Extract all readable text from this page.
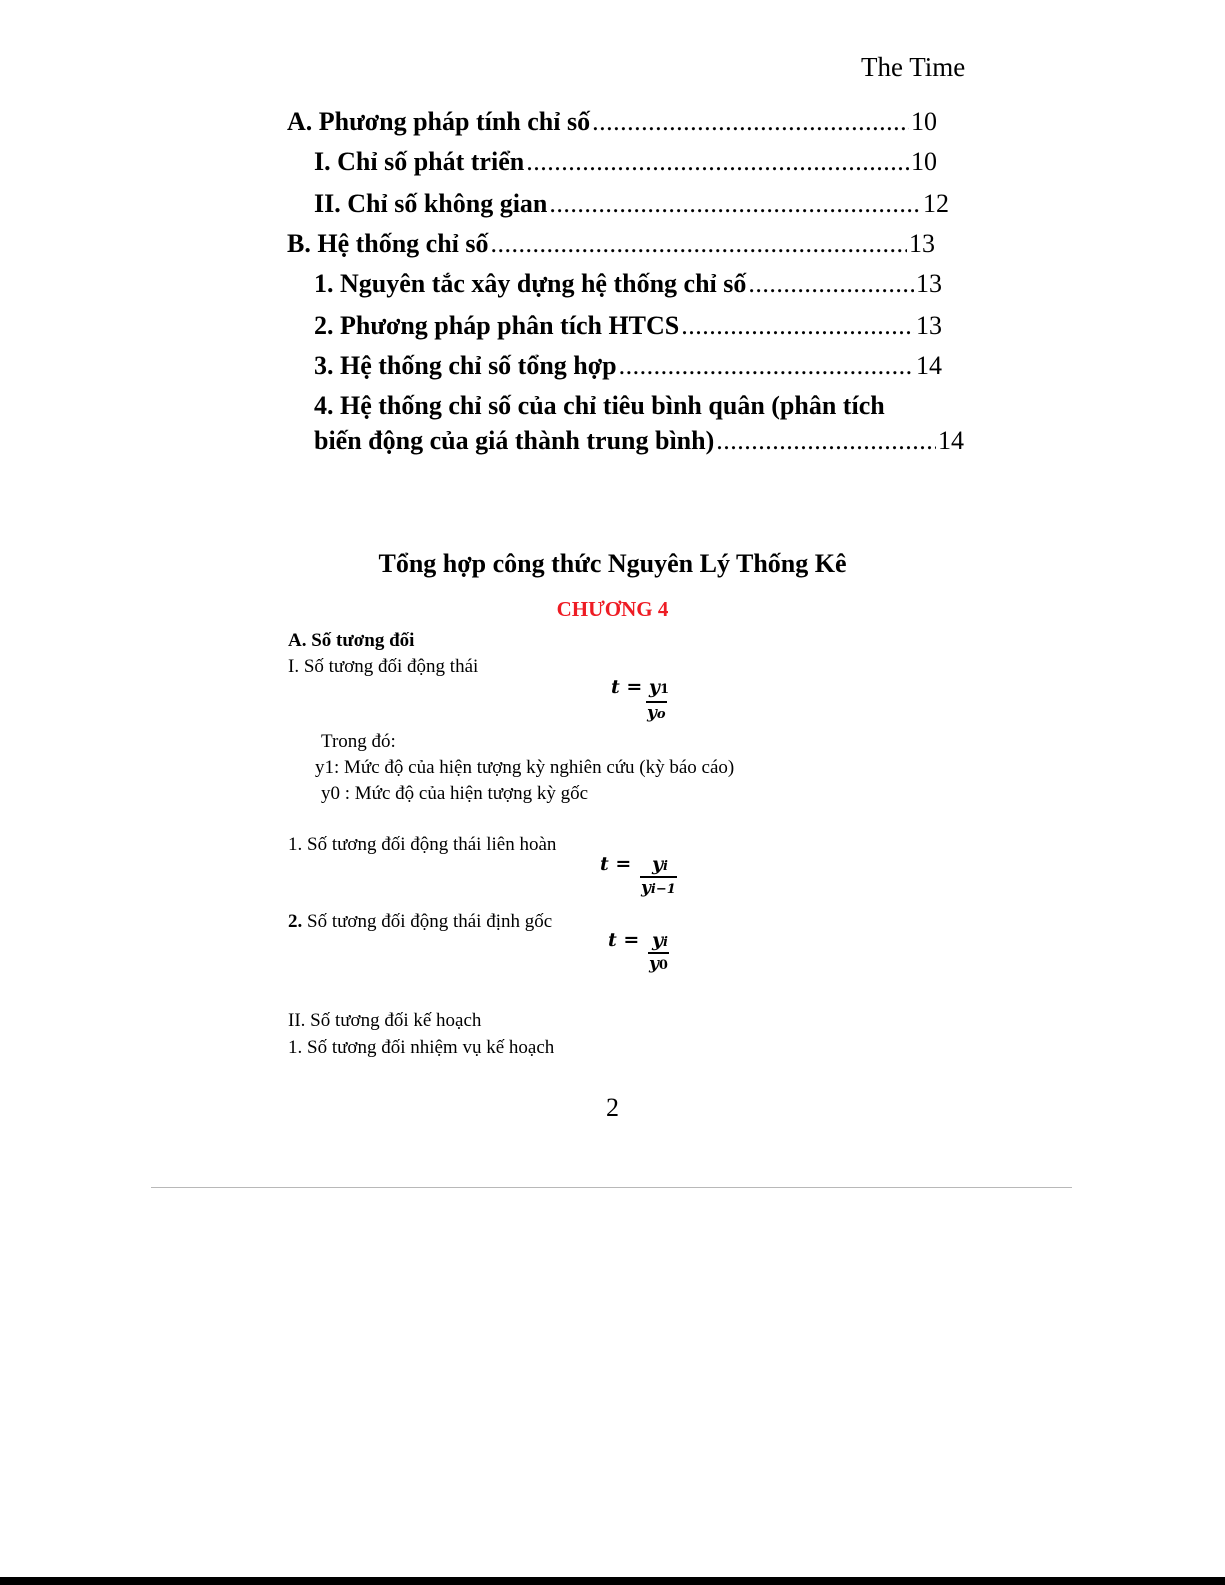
The Time
A. Phương pháp tính chỉ số .....	10
I. Chỉ số phát triển .....	10
II. Chỉ số không gian .....	12
B. Hệ thống chỉ số .....	13
1. Nguyên tắc xây dựng hệ thống chỉ số .....	13
2. Phương pháp phân tích HTCS .....	13
3. Hệ thống chỉ số tổng hợp .....	14
4. Hệ thống chỉ số của chỉ tiêu bình quân (phân tích
biến động của giá thành trung bình) .....	14
Tổng hợp công thức Nguyên Lý Thống Kê
CHƯƠNG 4
A. Số tương đối
I. Số tương đối động thái
t = y1
yo
Trong đó:
y1: Mức độ của hiện tượng kỳ nghiên cứu (kỳ báo cáo)
y0 : Mức độ của hiện tượng kỳ gốc
1. Số tương đối động thái liên hoàn
t = yi
yi−1
2. Số tương đối động thái định gốc
t = yi
y0
II. Số tương đối kế hoạch
1. Số tương đối nhiệm vụ kế hoạch
2
